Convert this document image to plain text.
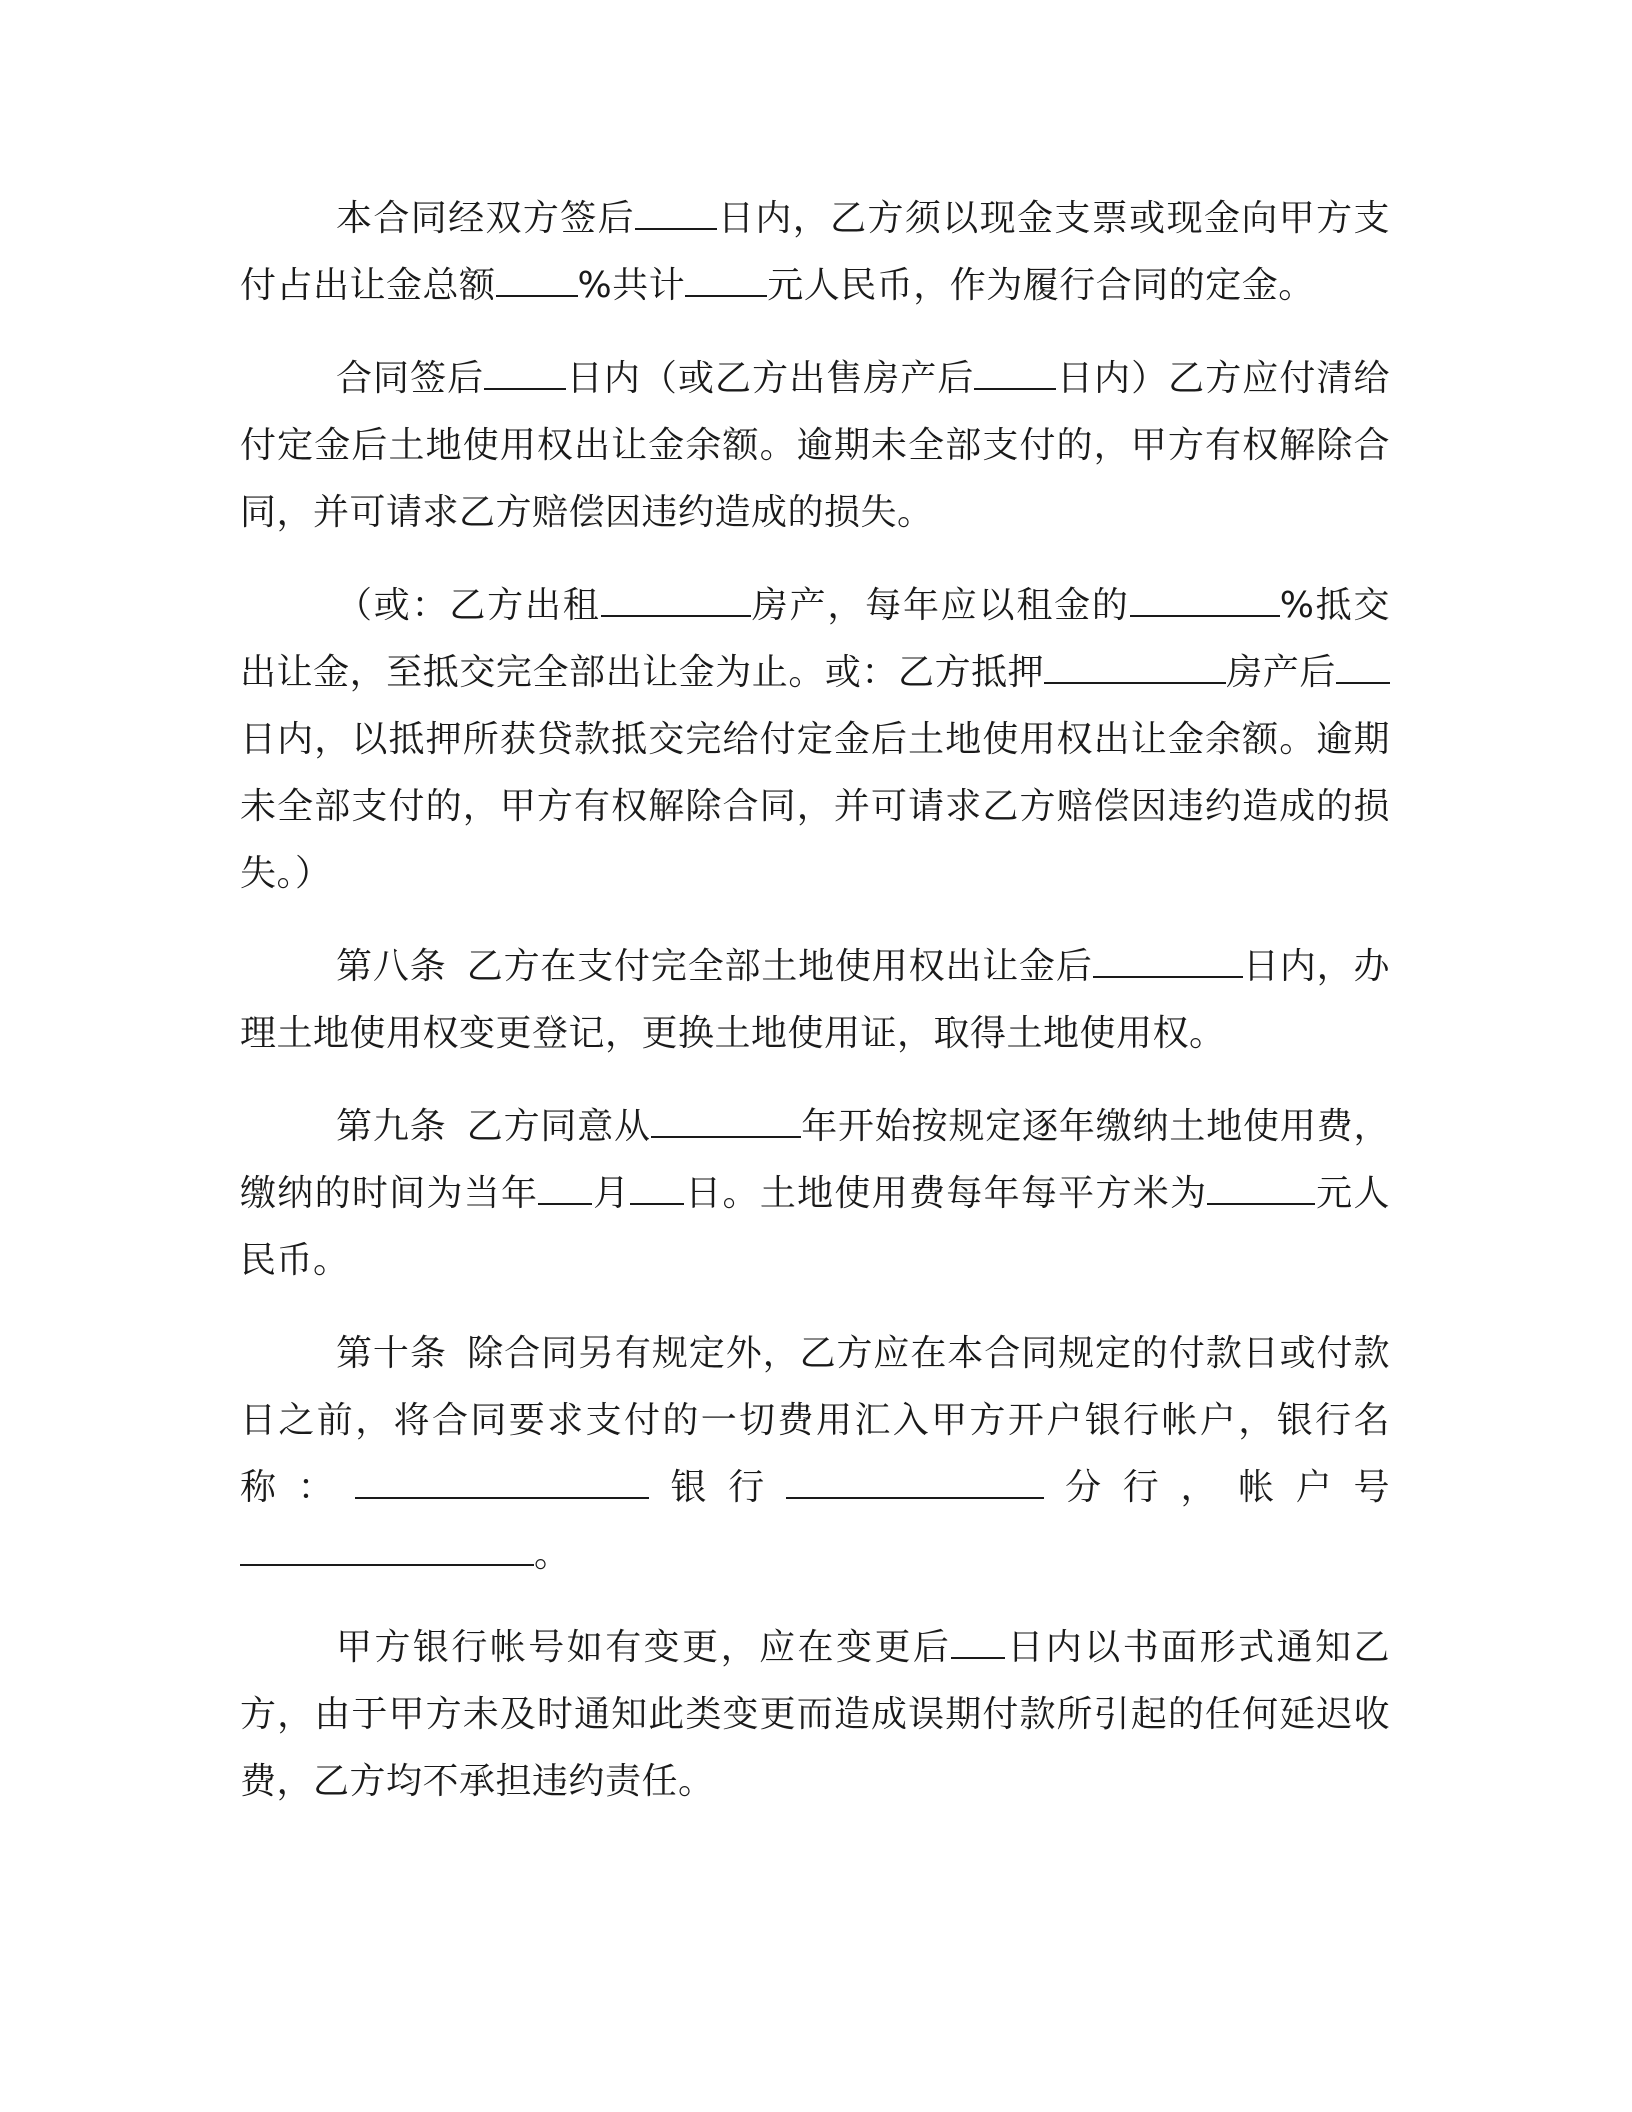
本合同经双方签后 日内，乙方须以现金支票或现金向甲方支付占出让金总额 %共计 元人民币，作为履行合同的定金。

合同签后 日内（或乙方出售房产后 日内）乙方应付清给付定金后土地使用权出让金余额。逾期未全部支付的，甲方有权解除合同，并可请求乙方赔偿因违约造成的损失。

（或：乙方出租	房产，每年应以租金的	%抵交出让金，至抵交完全部出让金为止。或：乙方抵押	房产后日内，以抵押所获贷款抵交完给付定金后土地使用权出让金余额。逾期未全部支付的，甲方有权解除合同，并可请求乙方赔偿因违约造成的损失。）

第八条 乙方在支付完全部土地使用权出让金后	日内，办理土地使用权变更登记，更换土地使用证，取得土地使用权。

第九条 乙方同意从	年开始按规定逐年缴纳土地使用费，缴纳的时间为当年 月 日。土地使用费每年每平方米为	元人民币。

第十条 除合同另有规定外，乙方应在本合同规定的付款日或付款日之前，将合同要求支付的一切费用汇入甲方开户银行帐户，银行名称：	银行	分行，帐户号。

甲方银行帐号如有变更，应在变更后 日内以书面形式通知乙方，由于甲方未及时通知此类变更而造成误期付款所引起的任何延迟收费，乙方均不承担违约责任。
